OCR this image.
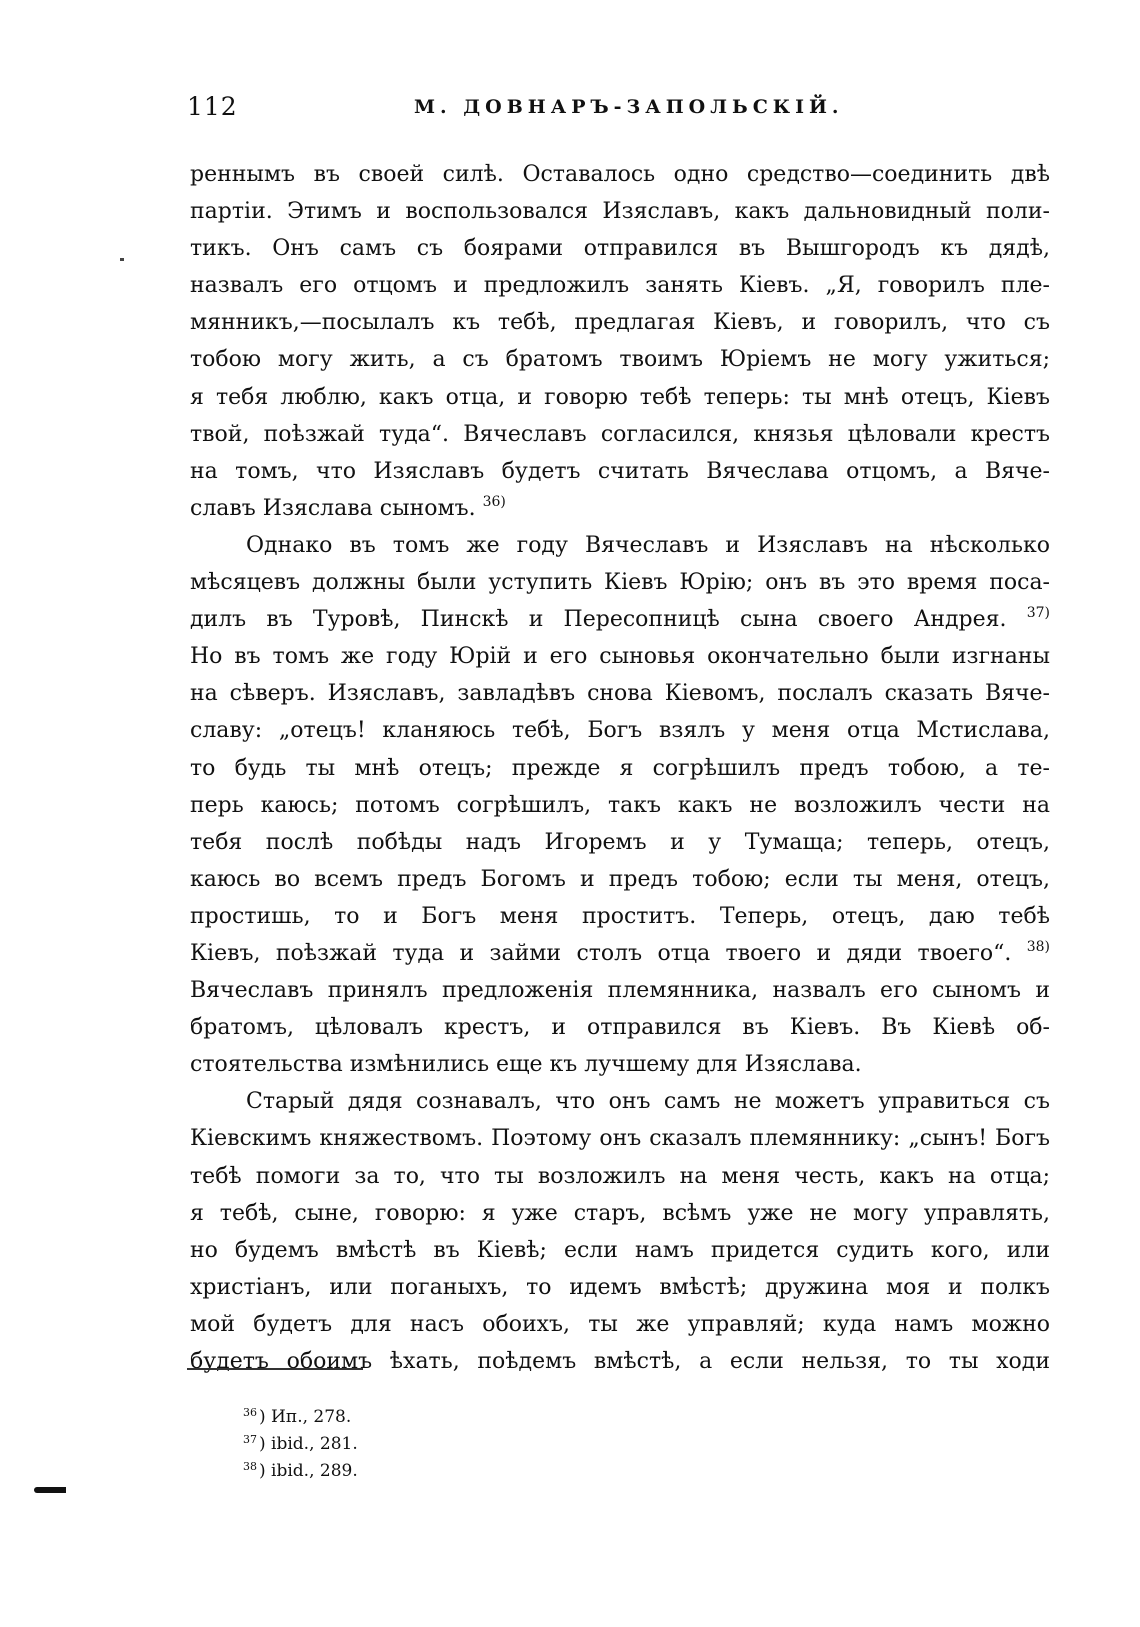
112	М. ДОВНАРЪ-ЗАПОЛЬСКІЙ.
реннымъ въ своей силѣ. Оставалось одно средство—соединить двѣ
партіи. Этимъ и воспользовался Изяславъ, какъ дальновидный поли-
тикъ. Онъ самъ съ боярами отправился въ Вышгородъ къ дядѣ,
назвалъ его отцомъ и предложилъ занять Кіевъ. „Я, говорилъ пле-
мянникъ,—посылалъ къ тебѣ, предлагая Кіевъ, и говорилъ, что съ
тобою могу жить, а съ братомъ твоимъ Юріемъ не могу ужиться;
я тебя люблю, какъ отца, и говорю тебѣ теперь: ты мнѣ отецъ, Кіевъ
твой, поѣзжай туда“. Вячеславъ согласился, князья цѣловали крестъ
на томъ, что Изяславъ будетъ считать Вячеслава отцомъ, а Вяче-
славъ Изяслава сыномъ. $^{36)}$
Однако въ томъ же году Вячеславъ и Изяславъ на нѣсколько
мѣсяцевъ должны были уступить Кіевъ Юрію; онъ въ это время поса-
дилъ въ Туровѣ, Пинскѣ и Пересопницѣ сына своего Андрея. $^{37)}$
Но въ томъ же году Юрій и его сыновья окончательно были изгнаны
на сѣверъ. Изяславъ, завладѣвъ снова Кіевомъ, послалъ сказать Вяче-
славу: „отецъ! кланяюсь тебѣ, Богъ взялъ у меня отца Мстислава,
то будь ты мнѣ отецъ; прежде я согрѣшилъ предъ тобою, а те-
перь каюсь; потомъ согрѣшилъ, такъ какъ не возложилъ чести на
тебя послѣ побѣды надъ Игоремъ и у Тумаща; теперь, отецъ,
каюсь во всемъ предъ Богомъ и предъ тобою; если ты меня, отецъ,
простишь, то и Богъ меня проститъ. Теперь, отецъ, даю тебѣ
Кіевъ, поѣзжай туда и займи столъ отца твоего и дяди твоего“. $^{38)}$
Вячеславъ принялъ предложенія племянника, назвалъ его сыномъ и
братомъ, цѣловалъ крестъ, и отправился въ Кіевъ. Въ Кіевѣ об-
стоятельства измѣнились еще къ лучшему для Изяслава.
Старый дядя сознавалъ, что онъ самъ не можетъ управиться съ
Кіевскимъ княжествомъ. Поэтому онъ сказалъ племяннику: „сынъ! Богъ
тебѣ помоги за то, что ты возложилъ на меня честь, какъ на отца;
я тебѣ, сыне, говорю: я уже старъ, всѣмъ уже не могу управлять,
но будемъ вмѣстѣ въ Кіевѣ; если намъ придется судить кого, или
христіанъ, или поганыхъ, то идемъ вмѣстѣ; дружина моя и полкъ
мой будетъ для насъ обоихъ, ты же управляй; куда намъ можно
будетъ обоимъ ѣхать, поѣдемъ вмѣстѣ, а если нельзя, то ты ходи
$^{36}$ ) Ип., 278.
$^{37}$ ) ibid., 281.
$^{38}$ ) ibid., 289.
